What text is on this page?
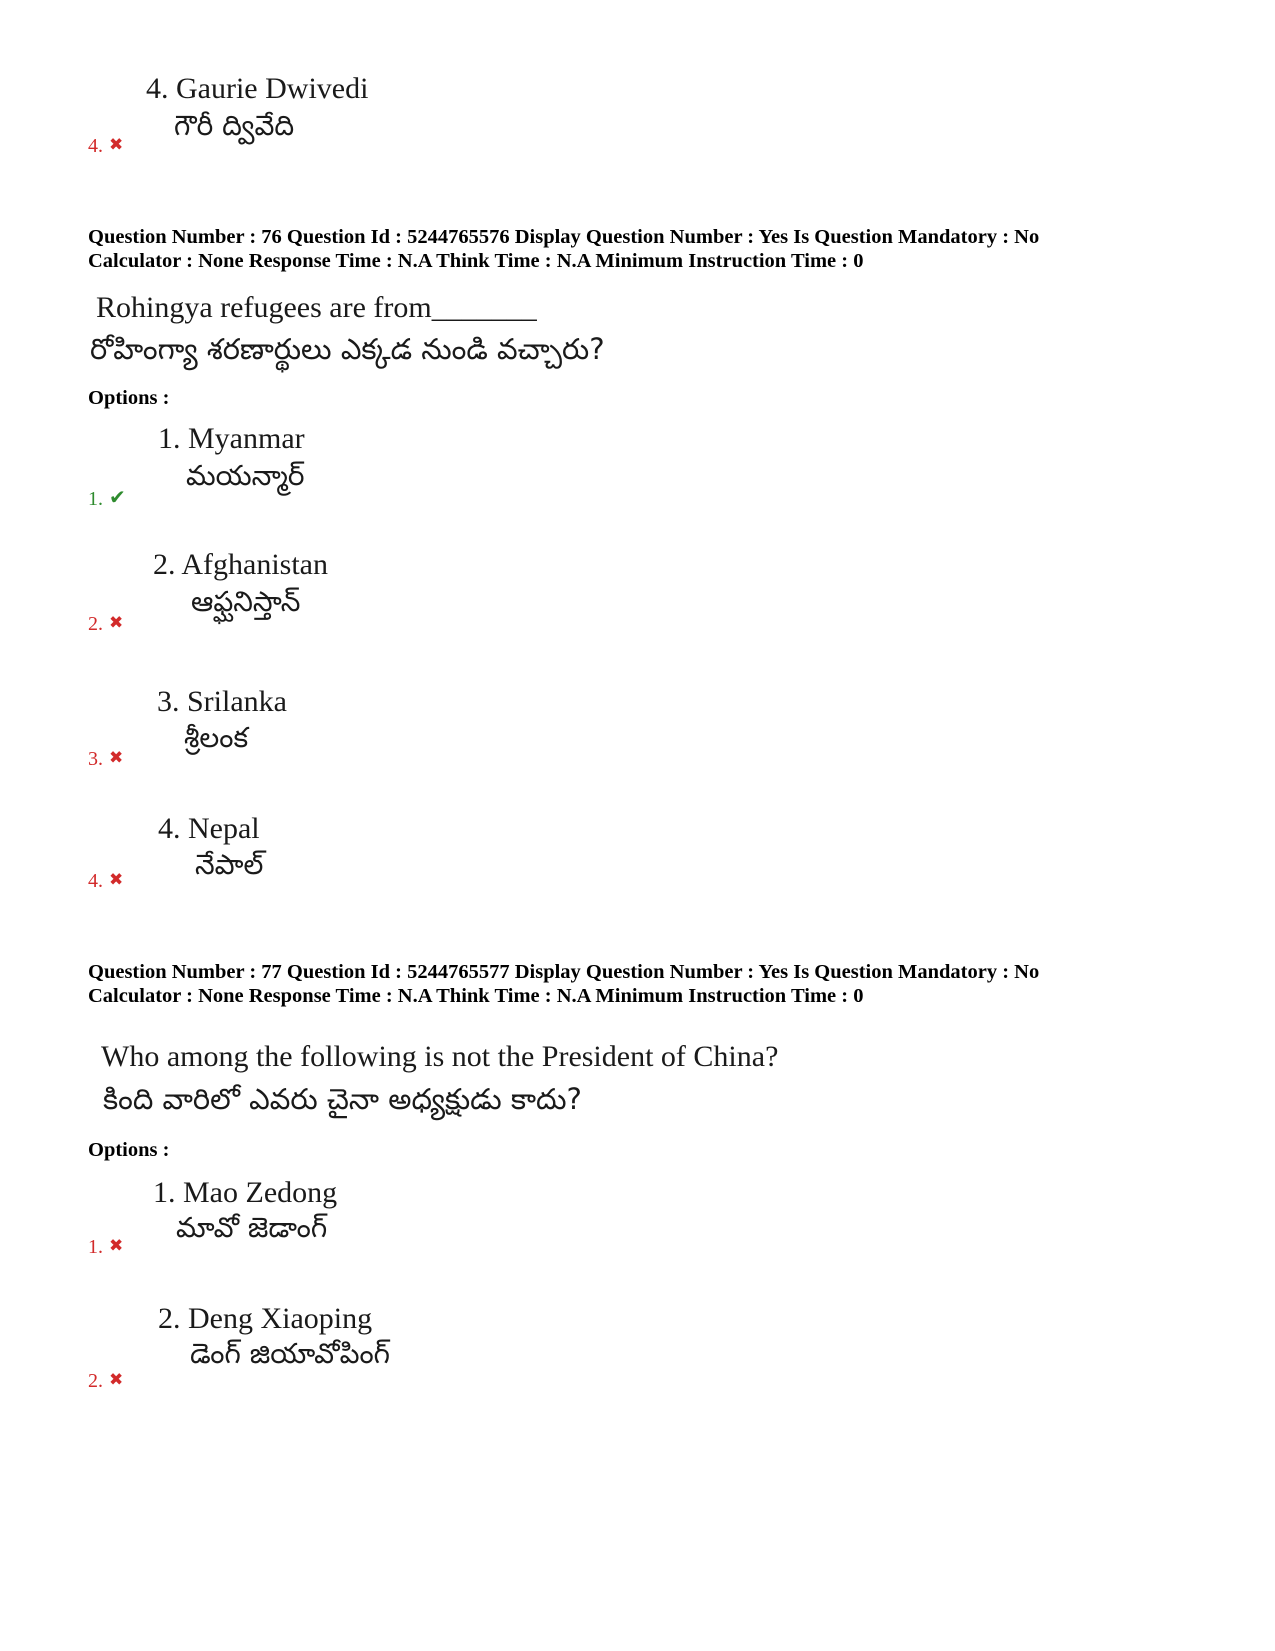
4. Gaurie Dwivedi
గౌరీ ద్వివేది
4. ✖
Question Number : 76 Question Id : 5244765576 Display Question Number : Yes Is Question Mandatory : No
Calculator : None Response Time : N.A Think Time : N.A Minimum Instruction Time : 0
Rohingya refugees are from_______
రోహింగ్యా శరణార్థులు ఎక్కడ నుండి వచ్చారు?
Options :
1. Myanmar
మయన్మార్
1. ✔
2. Afghanistan
ఆఫ్ఘనిస్తాన్
2. ✖
3. Srilanka
శ్రీలంక
3. ✖
4. Nepal
నేపాల్
4. ✖
Question Number : 77 Question Id : 5244765577 Display Question Number : Yes Is Question Mandatory : No
Calculator : None Response Time : N.A Think Time : N.A Minimum Instruction Time : 0
Who among the following is not the President of China?
కింది వారిలో ఎవరు చైనా అధ్యక్షుడు కాదు?
Options :
1. Mao Zedong
మావో జెడాంగ్
1. ✖
2. Deng Xiaoping
డెంగ్ జియావోపింగ్
2. ✖
